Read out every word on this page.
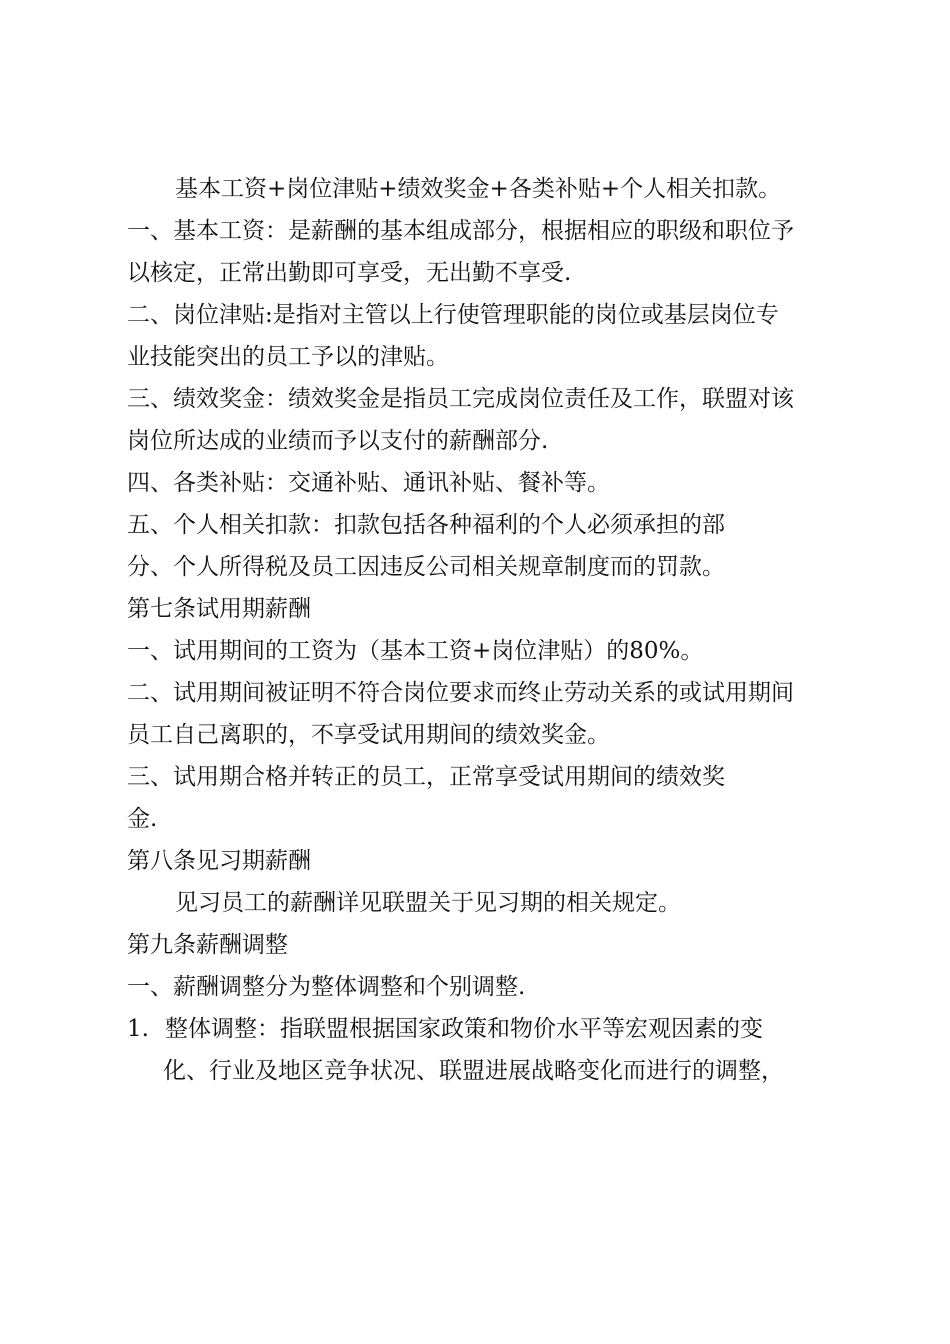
基本工资+岗位津贴+绩效奖金+各类补贴+个人相关扣款。

一、基本工资：是薪酬的基本组成部分，根据相应的职级和职位予

以核定，正常出勤即可享受，无出勤不享受.

二、岗位津贴:是指对主管以上行使管理职能的岗位或基层岗位专

业技能突出的员工予以的津贴。

三、绩效奖金：绩效奖金是指员工完成岗位责任及工作，联盟对该

岗位所达成的业绩而予以支付的薪酬部分.

四、各类补贴：交通补贴、通讯补贴、餐补等。

五、个人相关扣款：扣款包括各种福利的个人必须承担的部

分、个人所得税及员工因违反公司相关规章制度而的罚款。

第七条试用期薪酬

一、试用期间的工资为（基本工资+岗位津贴）的80%。

二、试用期间被证明不符合岗位要求而终止劳动关系的或试用期间

员工自己离职的，不享受试用期间的绩效奖金。

三、试用期合格并转正的员工，正常享受试用期间的绩效奖

金.

第八条见习期薪酬

见习员工的薪酬详见联盟关于见习期的相关规定。

第九条薪酬调整

一、薪酬调整分为整体调整和个别调整.

1. 整体调整：指联盟根据国家政策和物价水平等宏观因素的变

化、行业及地区竞争状况、联盟进展战略变化而进行的调整，
